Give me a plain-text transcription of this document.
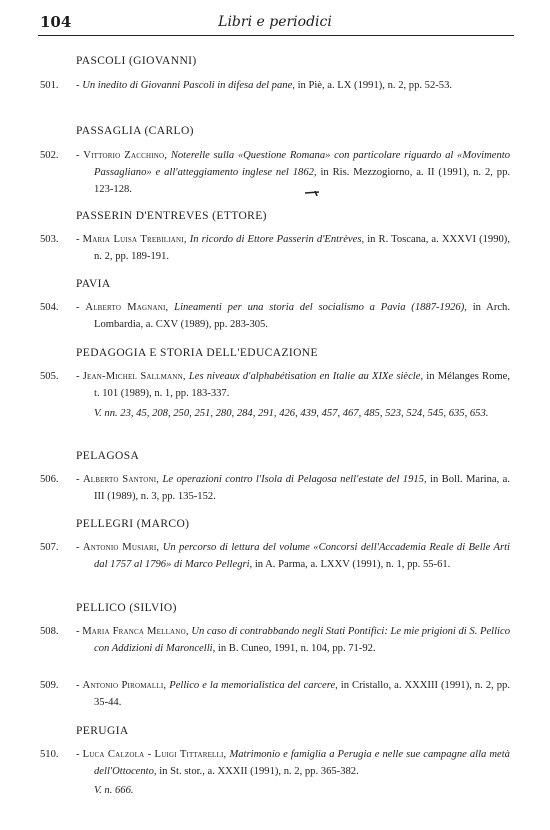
104	Libri e periodici
PASCOLI (GIOVANNI)
501. - Un inedito di Giovanni Pascoli in difesa del pane, in Piè, a. LX (1991), n. 2, pp. 52-53.
PASSAGLIA (CARLO)
502. - Vittorio Zacchino, Noterelle sulla «Questione Romana» con particolare riguardo al «Movimento Passagliano» e all'atteggiamento inglese nel 1862, in Ris. Mezzogiorno, a. II (1991), n. 2, pp. 123-128.
PASSERIN D'ENTREVES (ETTORE)
503. - Maria Luisa Trebiliani, In ricordo di Ettore Passerin d'Entrèves, in R. Toscana, a. XXXVI (1990), n. 2, pp. 189-191.
PAVIA
504. - Alberto Magnani, Lineamenti per una storia del socialismo a Pavia (1887-1926), in Arch. Lombardia, a. CXV (1989), pp. 283-305.
PEDAGOGIA E STORIA DELL'EDUCAZIONE
505. - Jean-Michel Sallmann, Les niveaux d'alphabétisation en Italie au XIXe siècle, in Mélanges Rome, t. 101 (1989), n. 1, pp. 183-337.
V. nn. 23, 45, 208, 250, 251, 280, 284, 291, 426, 439, 457, 467, 485, 523, 524, 545, 635, 653.
PELAGOSA
506. - Alberto Santoni, Le operazioni contro l'Isola di Pelagosa nell'estate del 1915, in Boll. Marina, a. III (1989), n. 3, pp. 135-152.
PELLEGRI (MARCO)
507. - Antonio Musiari, Un percorso di lettura del volume «Concorsi dell'Accademia Reale di Belle Arti dal 1757 al 1796» di Marco Pellegri, in A. Parma, a. LXXV (1991), n. 1, pp. 55-61.
PELLICO (SILVIO)
508. - Maria Franca Mellano, Un caso di contrabbando negli Stati Pontifici: Le mie prigioni di S. Pellico con Addizioni di Maroncelli, in B. Cuneo, 1991, n. 104, pp. 71-92.
509. - Antonio Piromalli, Pellico e la memorialistica del carcere, in Cristallo, a. XXXIII (1991), n. 2, pp. 35-44.
PERUGIA
510. - Luca Calzola - Luigi Tittarelli, Matrimonio e famiglia a Perugia e nelle sue campagne alla metà dell'Ottocento, in St. stor., a. XXXII (1991), n. 2, pp. 365-382.
V. n. 666.
